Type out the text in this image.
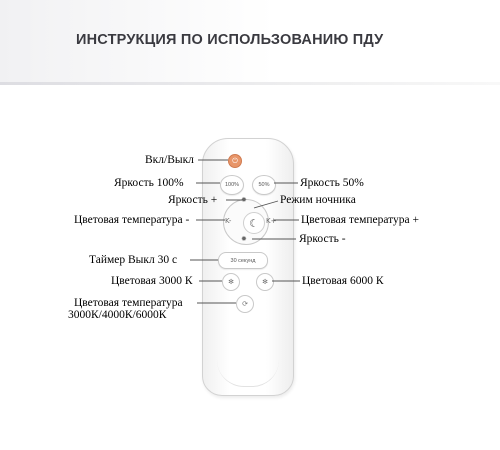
ИНСТРУКЦИЯ ПО ИСПОЛЬЗОВАНИЮ ПДУ
⏻
100%	50%
✹
✹
K-	K+
☾
30 секунд
✻	✻
⟳
Вкл/Выкл
Яркость 100%	Яркость 50%
Яркость +	Режим ночника
Цветовая температура -	Цветовая температура +
Яркость -
Таймер Выкл 30 с
Цветовая 3000 К	Цветовая 6000 К
Цветовая температура
3000К/4000К/6000К
